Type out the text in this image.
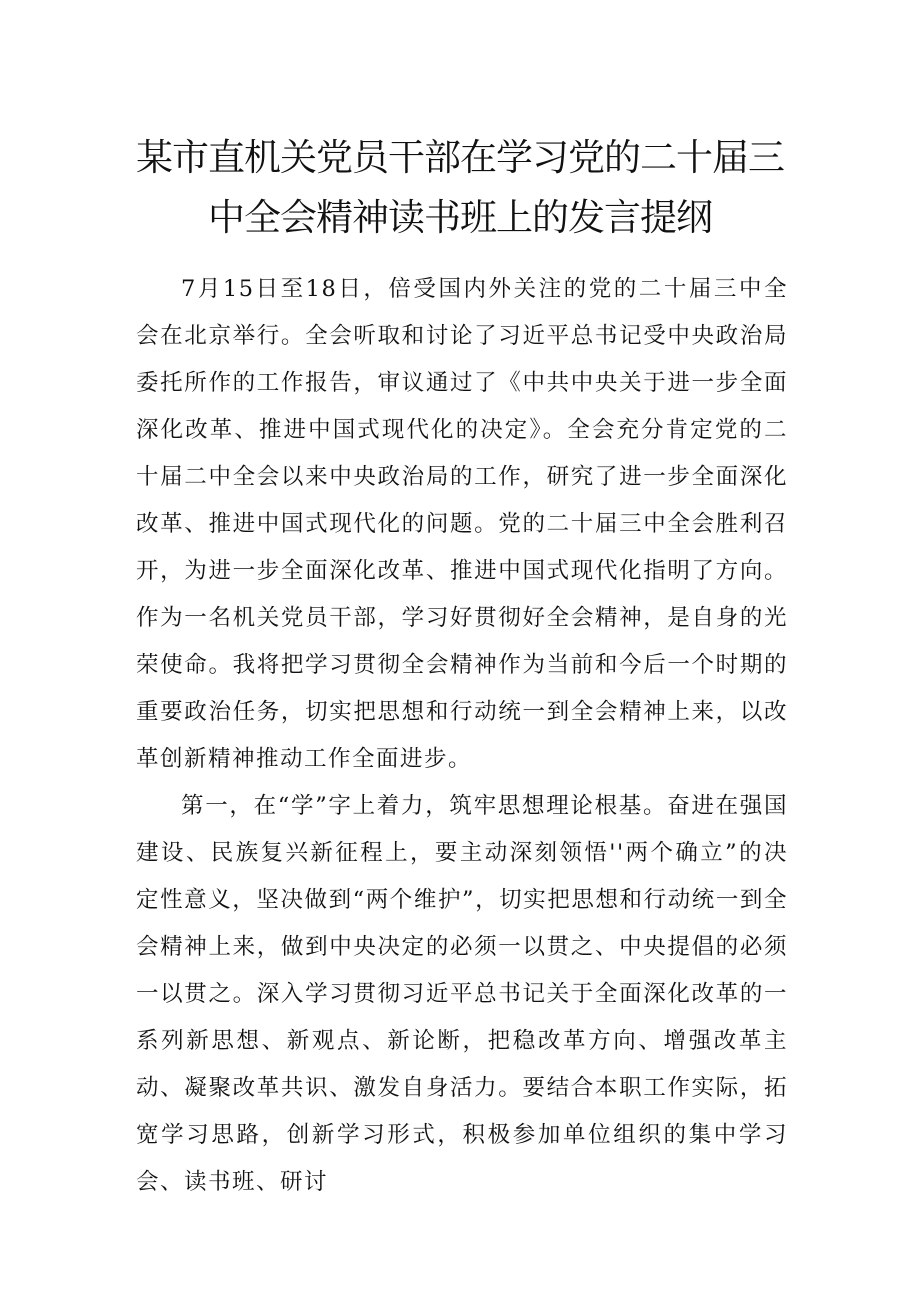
某市直机关党员干部在学习党的二十届三
中全会精神读书班上的发言提纲

7月15日至18日，倍受国内外关注的党的二十届三中全会在北京举行。全会听取和讨论了习近平总书记受中央政治局委托所作的工作报告，审议通过了《中共中央关于进一步全面深化改革、推进中国式现代化的决定》。全会充分肯定党的二十届二中全会以来中央政治局的工作，研究了进一步全面深化改革、推进中国式现代化的问题。党的二十届三中全会胜利召开，为进一步全面深化改革、推进中国式现代化指明了方向。作为一名机关党员干部，学习好贯彻好全会精神，是自身的光荣使命。我将把学习贯彻全会精神作为当前和今后一个时期的重要政治任务，切实把思想和行动统一到全会精神上来，以改革创新精神推动工作全面进步。

第一，在“学”字上着力，筑牢思想理论根基。奋进在强国建设、民族复兴新征程上，要主动深刻领悟''两个确立”的决定性意义，坚决做到“两个维护”，切实把思想和行动统一到全会精神上来，做到中央决定的必须一以贯之、中央提倡的必须一以贯之。深入学习贯彻习近平总书记关于全面深化改革的一系列新思想、新观点、新论断，把稳改革方向、增强改革主动、凝聚改革共识、激发自身活力。要结合本职工作实际，拓宽学习思路，创新学习形式，积极参加单位组织的集中学习会、读书班、研讨
